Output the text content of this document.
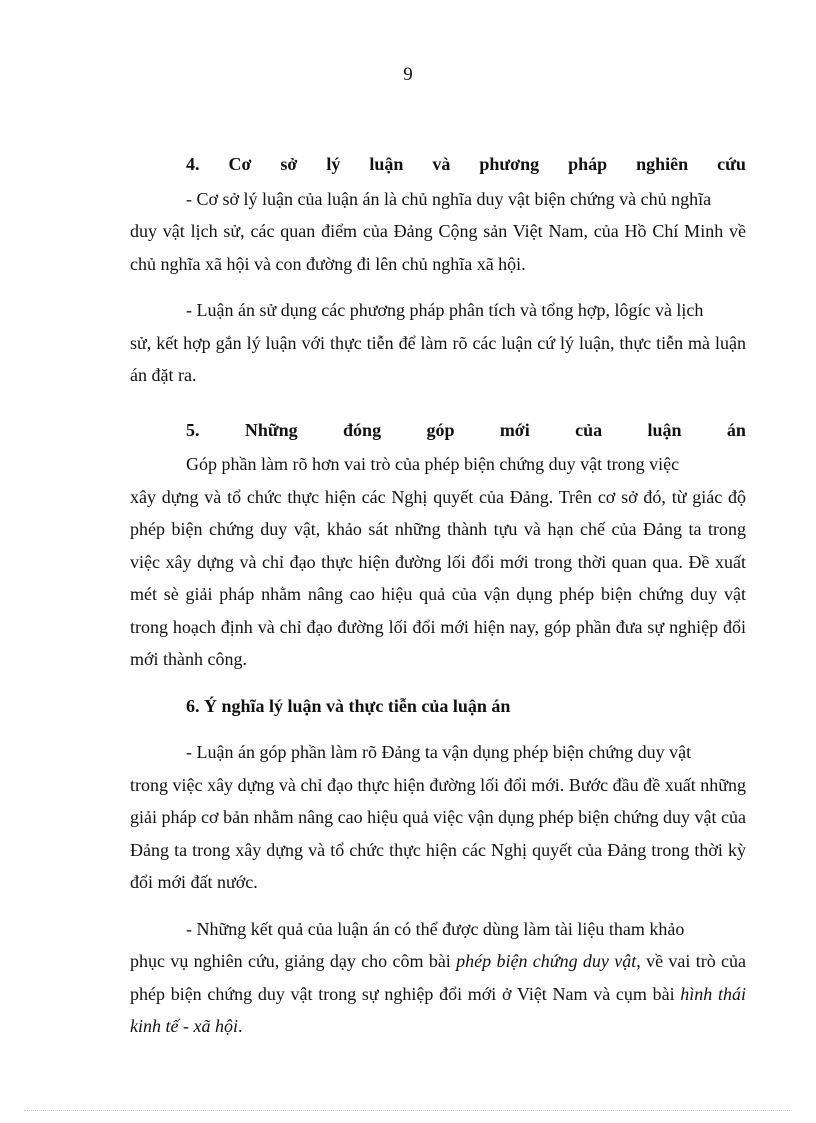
9
4. Cơ sở lý luận và phương pháp nghiên cứu

- Cơ sở lý luận của luận án là chủ nghĩa duy vật biện chứng và chủ nghĩa

duy vật lịch sử, các quan điểm của Đảng Cộng sản Việt Nam, của Hồ Chí Minh về chủ nghĩa xã hội và con đường đi lên chủ nghĩa xã hội.

- Luận án sử dụng các phương pháp phân tích và tổng hợp, lôgíc và lịch

sử, kết hợp gắn lý luận với thực tiễn để làm rõ các luận cứ lý luận, thực tiễn mà luận án đặt ra.

5.	Những	đóng	góp	mới	của	luận	án

Góp phần làm rõ hơn vai trò của phép biện chứng duy vật trong việc

xây dựng và tổ chức thực hiện các Nghị quyết của Đảng. Trên cơ sở đó, từ giác độ phép biện chứng duy vật, khảo sát những thành tựu và hạn chế của Đảng ta trong việc xây dựng và chỉ đạo thực hiện đường lối đổi mới trong thời quan qua. Đề xuất mét sè giải pháp nhằm nâng cao hiệu quả của vận dụng phép biện chứng duy vật trong hoạch định và chỉ đạo đường lối đổi mới hiện nay, góp phần đưa sự nghiệp đổi mới thành công.

6. Ý nghĩa lý luận và thực tiễn của luận án

- Luận án góp phần làm rõ Đảng ta vận dụng phép biện chứng duy vật

trong việc xây dựng và chỉ đạo thực hiện đường lối đổi mới. Bước đầu đề xuất những giải pháp cơ bản nhằm nâng cao hiệu quả việc vận dụng phép biện chứng duy vật của Đảng ta trong xây dựng và tổ chức thực hiện các Nghị quyết của Đảng trong thời kỳ đổi mới đất nước.

- Những kết quả của luận án có thể được dùng làm tài liệu tham khảo

phục vụ nghiên cứu, giảng dạy cho côm bài phép biện chứng duy vật, về vai trò của phép biện chứng duy vật trong sự nghiệp đổi mới ở Việt Nam và cụm bài hình thái kinh tế - xã hội.
